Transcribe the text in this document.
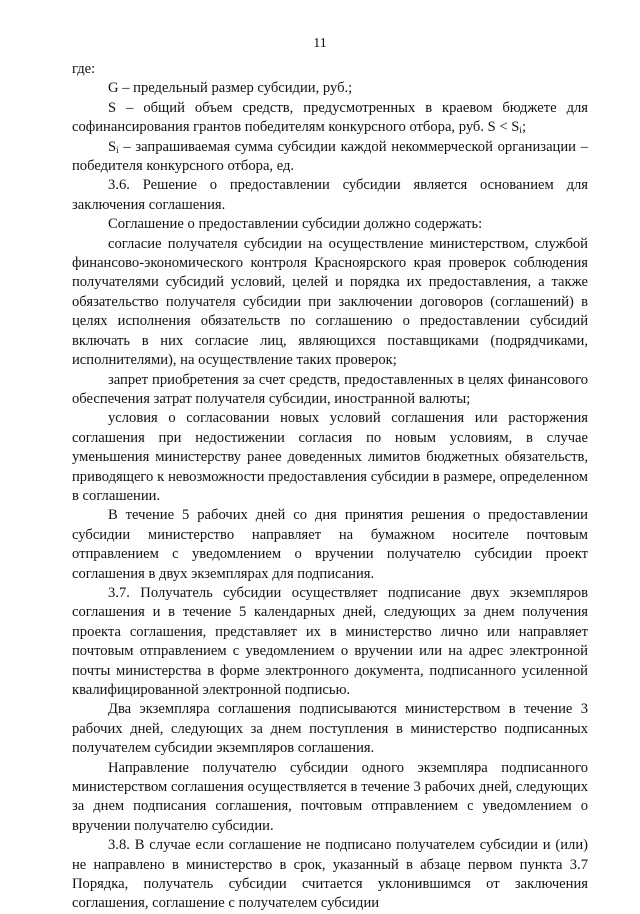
11

где:

G – предельный размер субсидии, руб.;

S – общий объем средств, предусмотренных в краевом бюджете для софинансирования грантов победителям конкурсного отбора, руб. $S < S_i$;

$S_i$ – запрашиваемая сумма субсидии каждой некоммерческой организации – победителя конкурсного отбора, ед.

3.6. Решение о предоставлении субсидии является основанием для заключения соглашения.

Соглашение о предоставлении субсидии должно содержать:

согласие получателя субсидии на осуществление министерством, службой финансово-экономического контроля Красноярского края проверок соблюдения получателями субсидий условий, целей и порядка их предоставления, а также обязательство получателя субсидии при заключении договоров (соглашений) в целях исполнения обязательств по соглашению о предоставлении субсидий включать в них согласие лиц, являющихся поставщиками (подрядчиками, исполнителями), на осуществление таких проверок;

запрет приобретения за счет средств, предоставленных в целях финансового обеспечения затрат получателя субсидии, иностранной валюты;

условия о согласовании новых условий соглашения или расторжения соглашения при недостижении согласия по новым условиям, в случае уменьшения министерству ранее доведенных лимитов бюджетных обязательств, приводящего к невозможности предоставления субсидии в размере, определенном в соглашении.

В течение 5 рабочих дней со дня принятия решения о предоставлении субсидии министерство направляет на бумажном носителе почтовым отправлением с уведомлением о вручении получателю субсидии проект соглашения в двух экземплярах для подписания.

3.7. Получатель субсидии осуществляет подписание двух экземпляров соглашения и в течение 5 календарных дней, следующих за днем получения проекта соглашения, представляет их в министерство лично или направляет почтовым отправлением с уведомлением о вручении или на адрес электронной почты министерства в форме электронного документа, подписанного усиленной квалифицированной электронной подписью.

Два экземпляра соглашения подписываются министерством в течение 3 рабочих дней, следующих за днем поступления в министерство подписанных получателем субсидии экземпляров соглашения.

Направление получателю субсидии одного экземпляра подписанного министерством соглашения осуществляется в течение 3 рабочих дней, следующих за днем подписания соглашения, почтовым отправлением с уведомлением о вручении получателю субсидии.

3.8. В случае если соглашение не подписано получателем субсидии и (или) не направлено в министерство в срок, указанный в абзаце первом пункта 3.7 Порядка, получатель субсидии считается уклонившимся от заключения соглашения, соглашение с получателем субсидии
